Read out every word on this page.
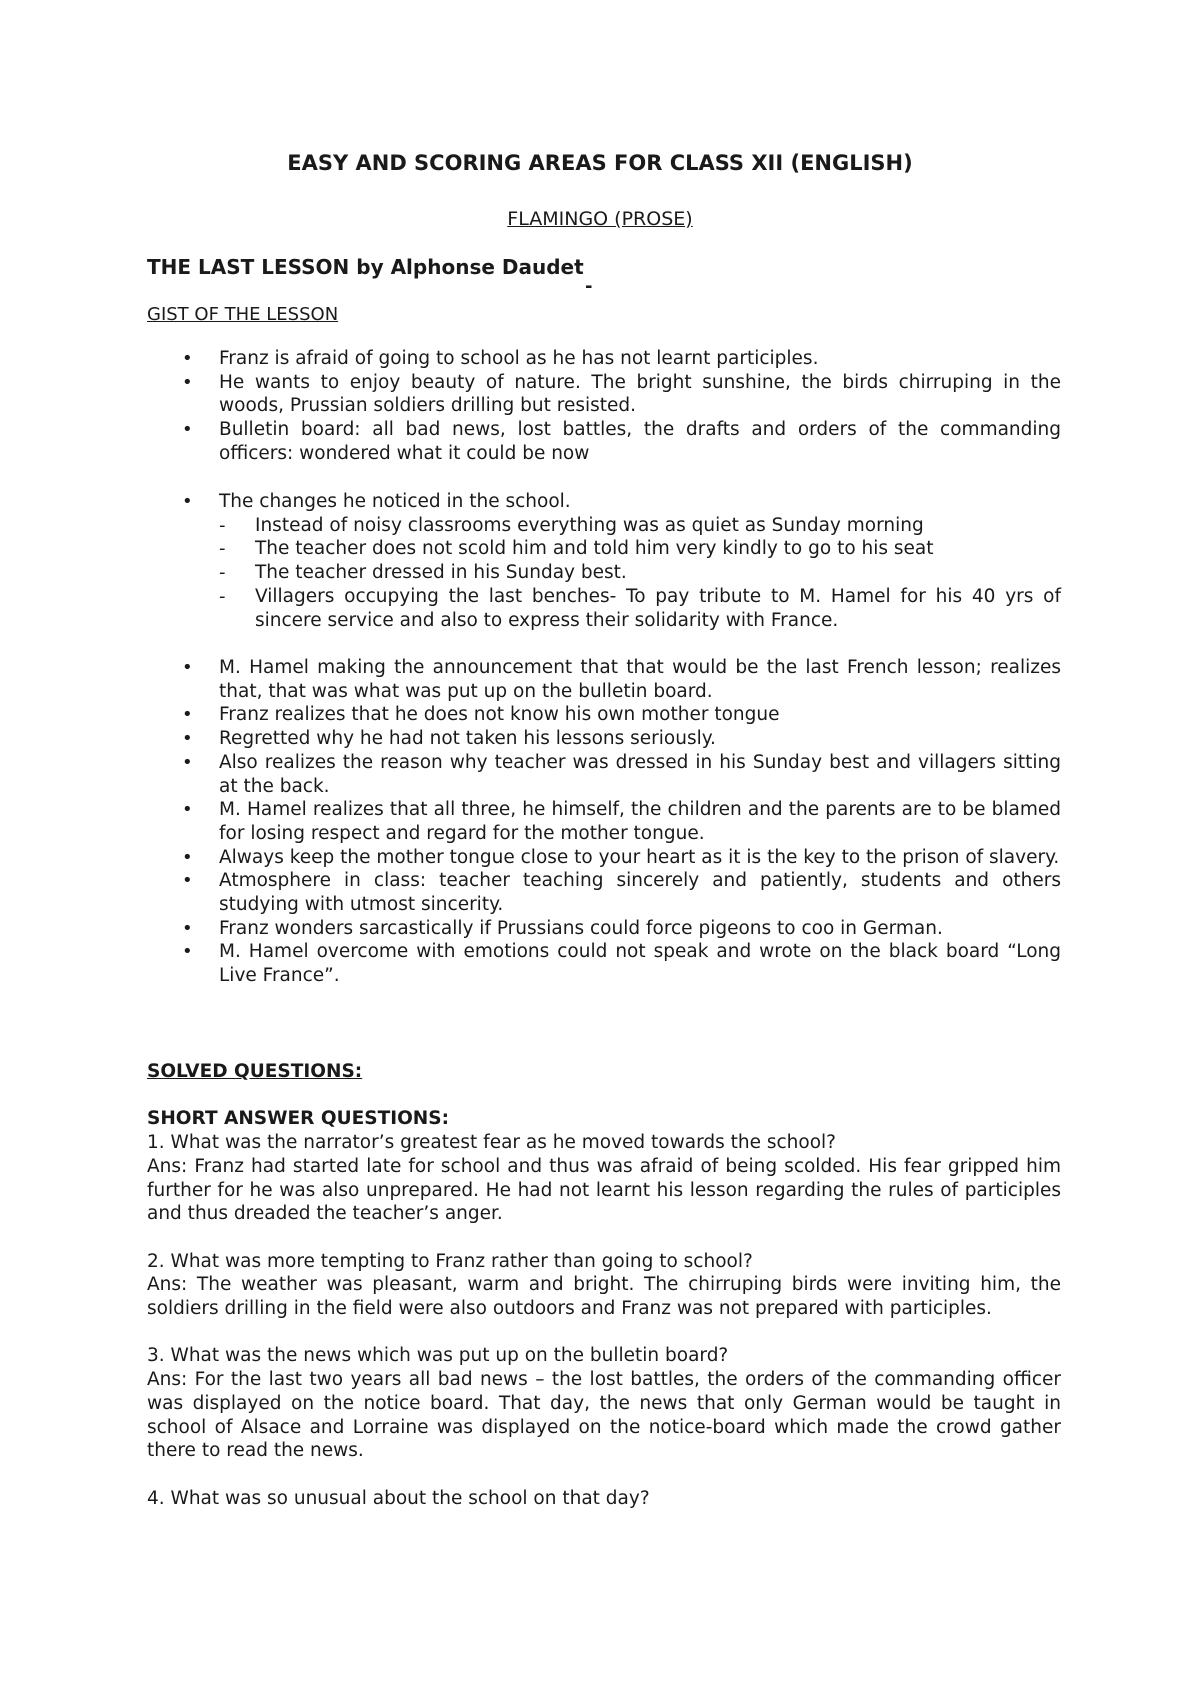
EASY AND SCORING AREAS FOR CLASS XII (ENGLISH)
FLAMINGO (PROSE)
THE LAST LESSON by Alphonse Daudet
-
GIST OF THE LESSON
• Franz is afraid of going to school as he has not learnt participles.
• He wants to enjoy beauty of nature. The bright sunshine, the birds chirruping in the woods, Prussian soldiers drilling but resisted.
• Bulletin board: all bad news, lost battles, the drafts and orders of the commanding officers: wondered what it could be now
• The changes he noticed in the school.
- Instead of noisy classrooms everything was as quiet as Sunday morning
- The teacher does not scold him and told him very kindly to go to his seat
- The teacher dressed in his Sunday best.
- Villagers occupying the last benches- To pay tribute to M. Hamel for his 40 yrs of sincere service and also to express their solidarity with France.
• M. Hamel making the announcement that that would be the last French lesson; realizes that, that was what was put up on the bulletin board.
• Franz realizes that he does not know his own mother tongue
• Regretted why he had not taken his lessons seriously.
• Also realizes the reason why teacher was dressed in his Sunday best and villagers sitting at the back.
• M. Hamel realizes that all three, he himself, the children and the parents are to be blamed for losing respect and regard for the mother tongue.
• Always keep the mother tongue close to your heart as it is the key to the prison of slavery.
• Atmosphere in class: teacher teaching sincerely and patiently, students and others studying with utmost sincerity.
• Franz wonders sarcastically if Prussians could force pigeons to coo in German.
• M. Hamel overcome with emotions could not speak and wrote on the black board “Long Live France”.

SOLVED QUESTIONS:

SHORT ANSWER QUESTIONS:

1. What was the narrator’s greatest fear as he moved towards the school?

Ans: Franz had started late for school and thus was afraid of being scolded. His fear gripped him further for he was also unprepared. He had not learnt his lesson regarding the rules of participles and thus dreaded the teacher’s anger.

2. What was more tempting to Franz rather than going to school?

Ans: The weather was pleasant, warm and bright. The chirruping birds were inviting him, the soldiers drilling in the field were also outdoors and Franz was not prepared with participles.

3. What was the news which was put up on the bulletin board?

Ans: For the last two years all bad news – the lost battles, the orders of the commanding officer was displayed on the notice board. That day, the news that only German would be taught in school of Alsace and Lorraine was displayed on the notice-board which made the crowd gather there to read the news.

4. What was so unusual about the school on that day?
